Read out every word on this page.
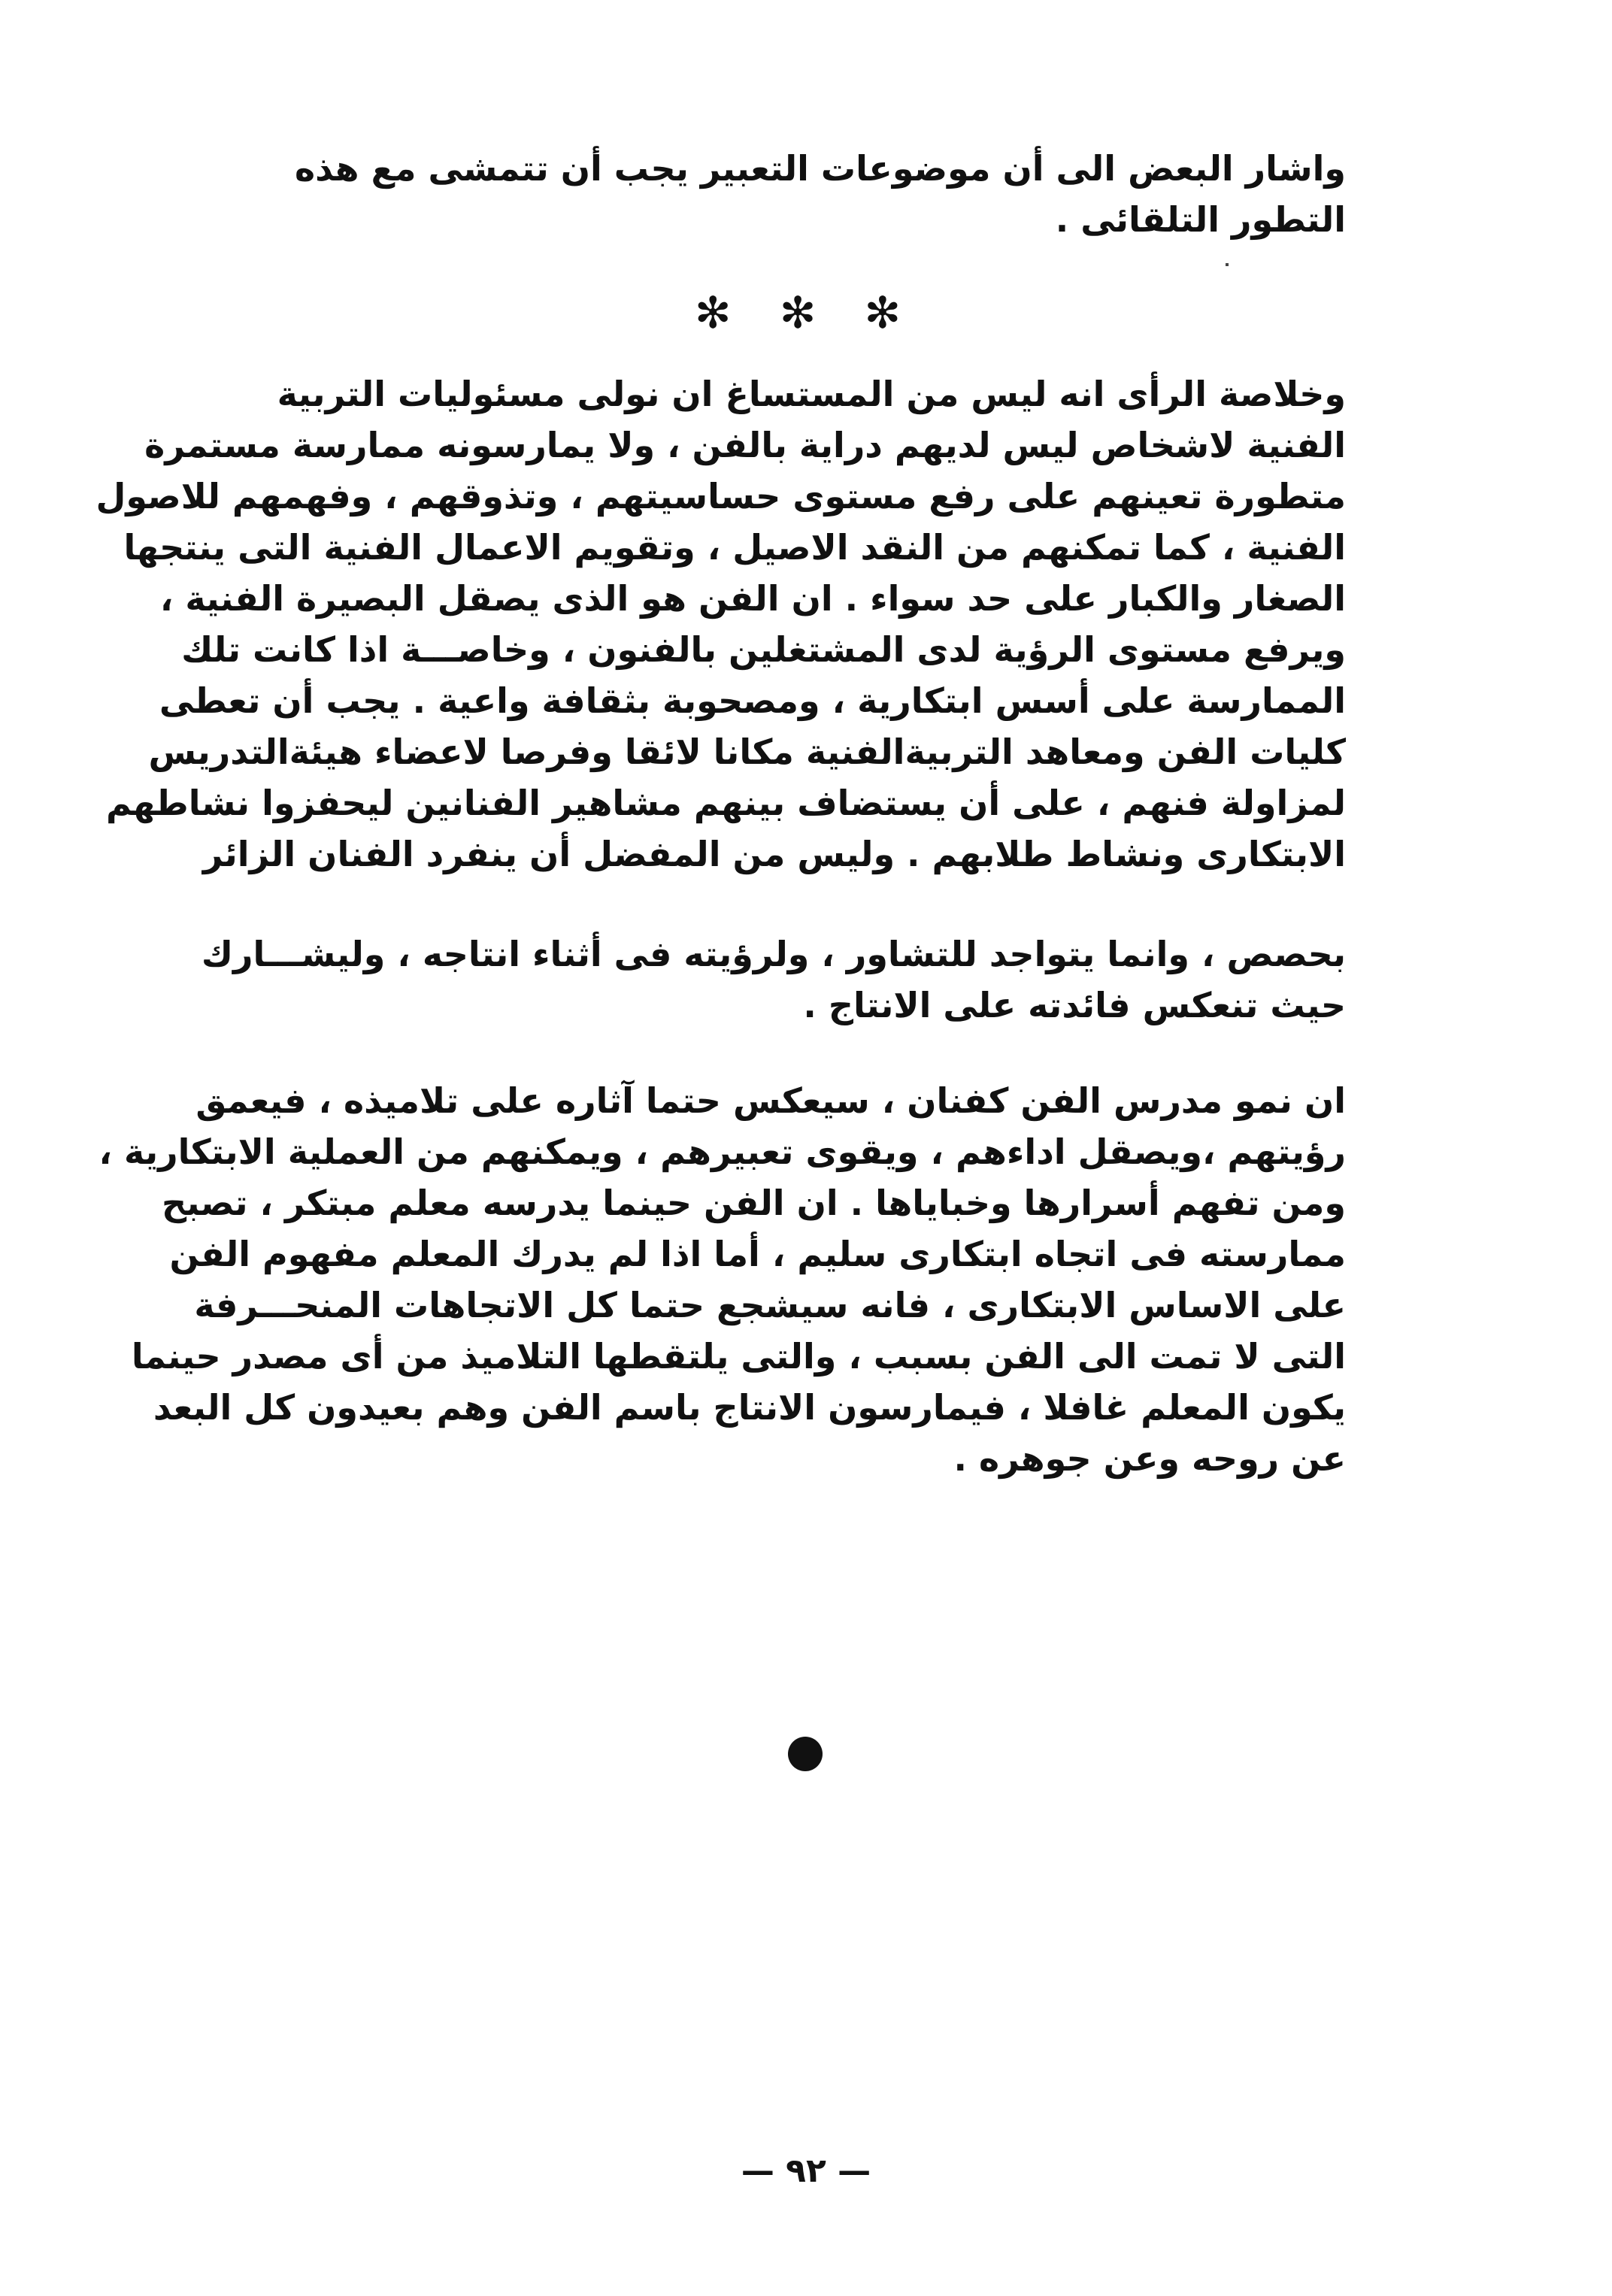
واشار البعض الى أن موضوعات التعبير يجب أن تتمشى مع هذه
التطور التلقائى .
✻ ✻ ✻
وخلاصة الرأى انه ليس من المستساغ ان نولى مسئوليات التربية
الفنية لاشخاص ليس لديهم دراية بالفن ، ولا يمارسونه ممارسة مستمرة
متطورة تعينهم على رفع مستوى حساسيتهم ، وتذوقهم ، وفهمهم للاصول
الفنية ، كما تمكنهم من النقد الاصيل ، وتقويم الاعمال الفنية التى ينتجها
الصغار والكبار على حد سواء . ان الفن هو الذى يصقل البصيرة الفنية ،
ويرفع مستوى الرؤية لدى المشتغلين بالفنون ، وخاصـــة اذا كانت تلك
الممارسة على أسس ابتكارية ، ومصحوبة بثقافة واعية . يجب أن تعطى
كليات الفن ومعاهد التربيةالفنية مكانا لائقا وفرصا لاعضاء هيئةالتدريس
لمزاولة فنهم ، على أن يستضاف بينهم مشاهير الفنانين ليحفزوا نشاطهم
الابتكارى ونشاط طلابهم . وليس من المفضل أن ينفرد الفنان الزائر
بحصص ، وانما يتواجد للتشاور ، ولرؤيته فى أثناء انتاجه ، وليشـــارك
حيث تنعكس فائدته على الانتاج .
ان نمو مدرس الفن كفنان ، سيعكس حتما آثاره على تلاميذه ، فيعمق
رؤيتهم ،ويصقل اداءهم ، ويقوى تعبيرهم ، ويمكنهم من العملية الابتكارية ،
ومن تفهم أسرارها وخباياها . ان الفن حينما يدرسه معلم مبتكر ، تصبح
ممارسته فى اتجاه ابتكارى سليم ، أما اذا لم يدرك المعلم مفهوم الفن
على الاساس الابتكارى ، فانه سيشجع حتما كل الاتجاهات المنحـــرفة
التى لا تمت الى الفن بسبب ، والتى يلتقطها التلاميذ من أى مصدر حينما
يكون المعلم غافلا ، فيمارسون الانتاج باسم الفن وهم بعيدون كل البعد
عن روحه وعن جوهره .
— ٩٢ —
